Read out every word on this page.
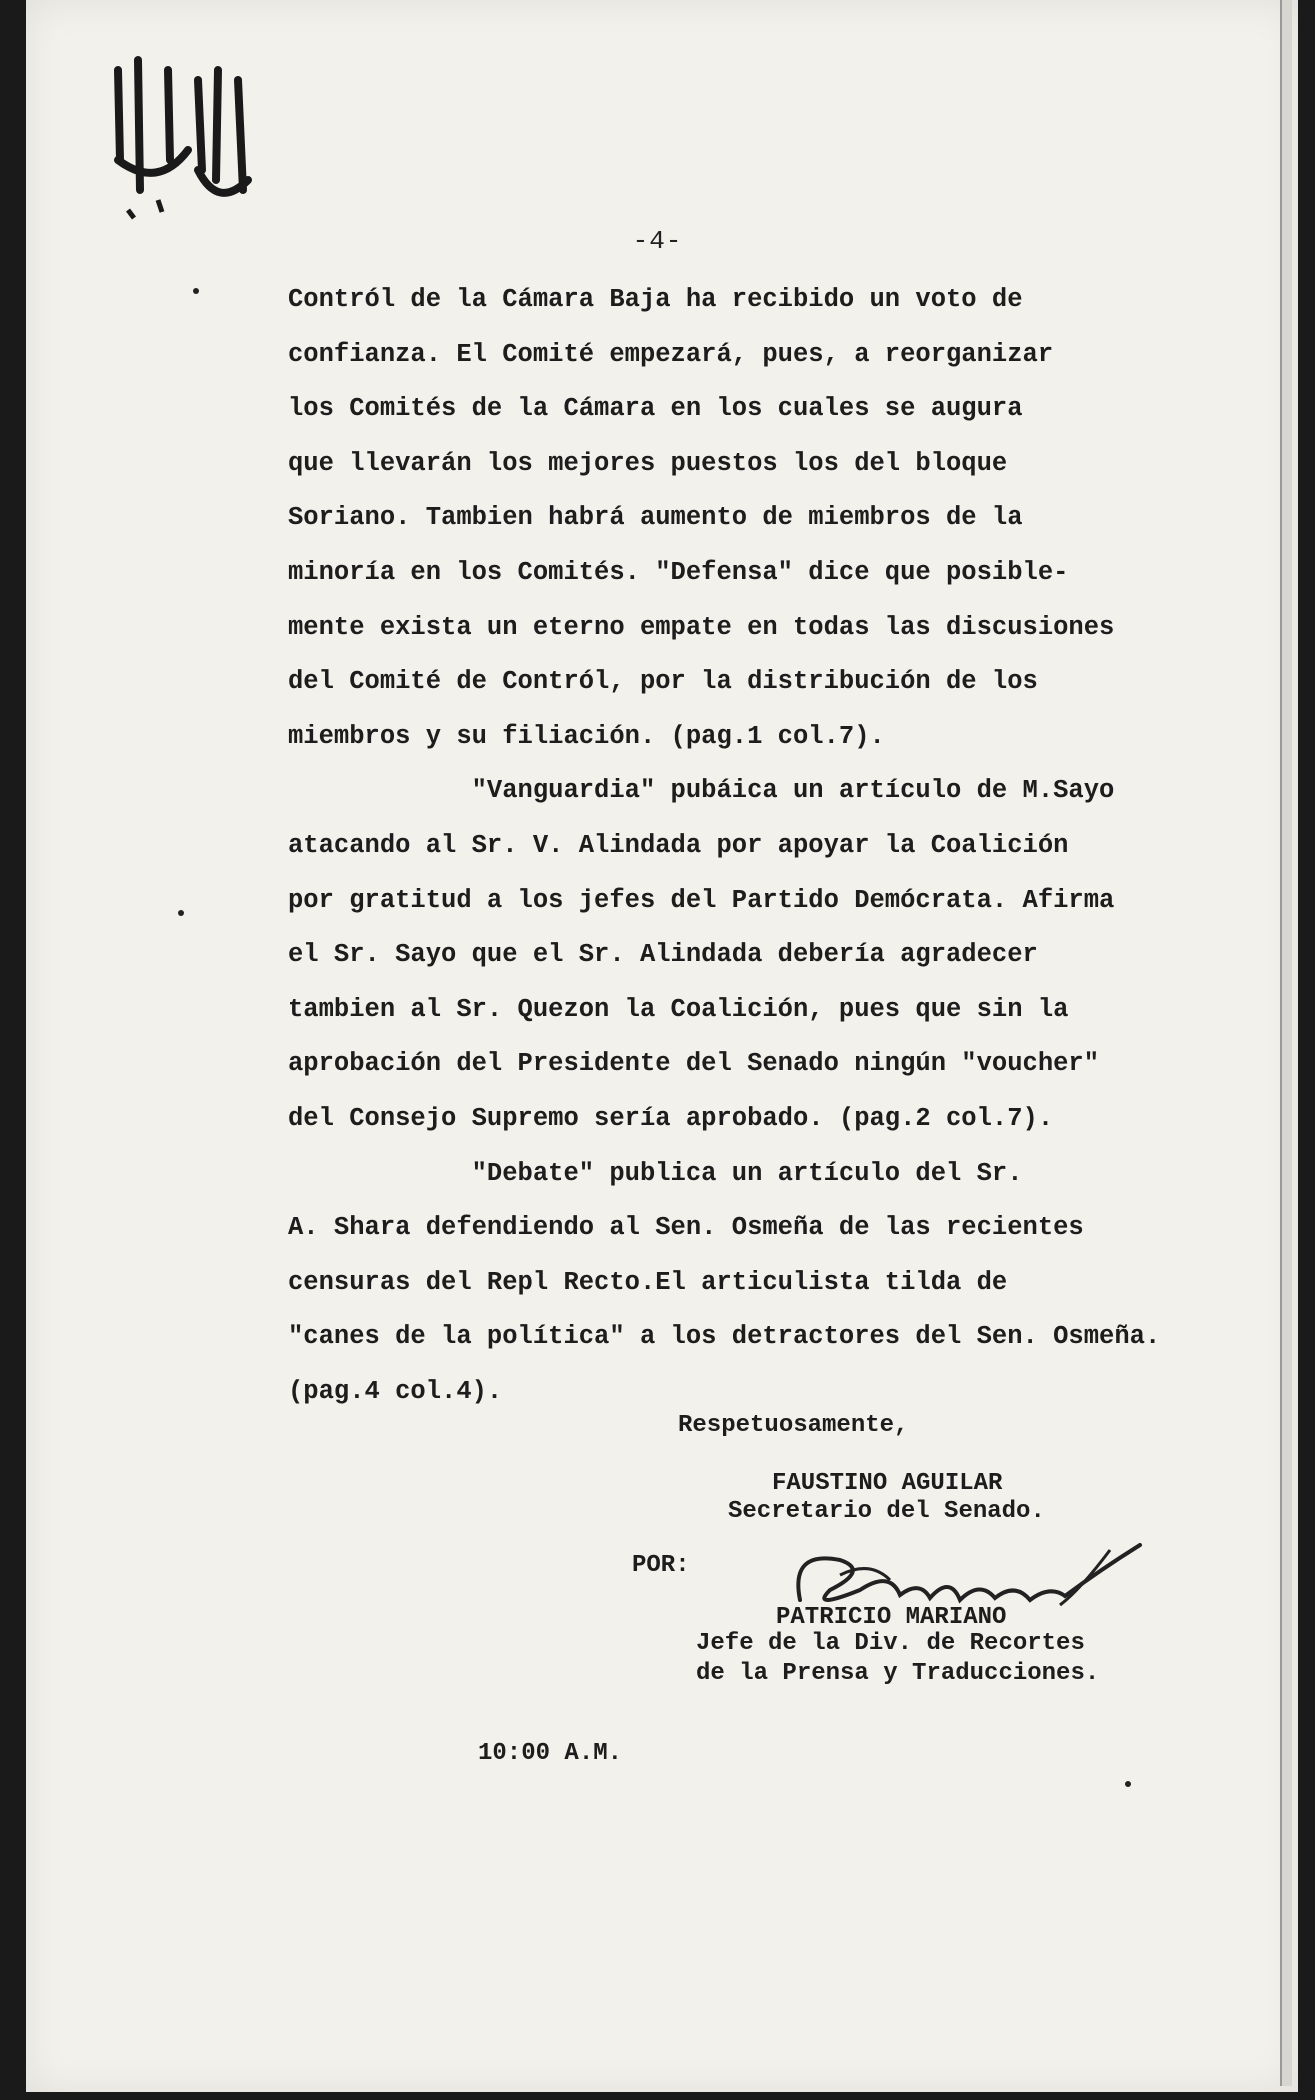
-4-
Contról de la Cámara Baja ha recibido un voto de
confianza. El Comité empezará, pues, a reorganizar
los Comités de la Cámara en los cuales se augura
que llevarán los mejores puestos los del bloque
Soriano. Tambien habrá aumento de miembros de la
minoría en los Comités. "Defensa" dice que posible-
mente exista un eterno empate en todas las discusiones
del Comité de Contról, por la distribución de los
miembros y su filiación. (pag.1 col.7).
"Vanguardia" pubáica un artículo de M.Sayo
atacando al Sr. V. Alindada por apoyar la Coalición
por gratitud a los jefes del Partido Demócrata. Afirma
el Sr. Sayo que el Sr. Alindada debería agradecer
tambien al Sr. Quezon la Coalición, pues que sin la
aprobación del Presidente del Senado ningún "voucher"
del Consejo Supremo sería aprobado. (pag.2 col.7).
"Debate" publica un artículo del Sr.
A. Shara defendiendo al Sen. Osmeña de las recientes
censuras del Repl Recto.El articulista tilda de
"canes de la política" a los detractores del Sen. Osmeña.
(pag.4 col.4).
Respetuosamente,
FAUSTINO AGUILAR
Secretario del Senado.
POR:
PATRICIO MARIANO
Jefe de la Div. de Recortes
de la Prensa y Traducciones.
10:00 A.M.
